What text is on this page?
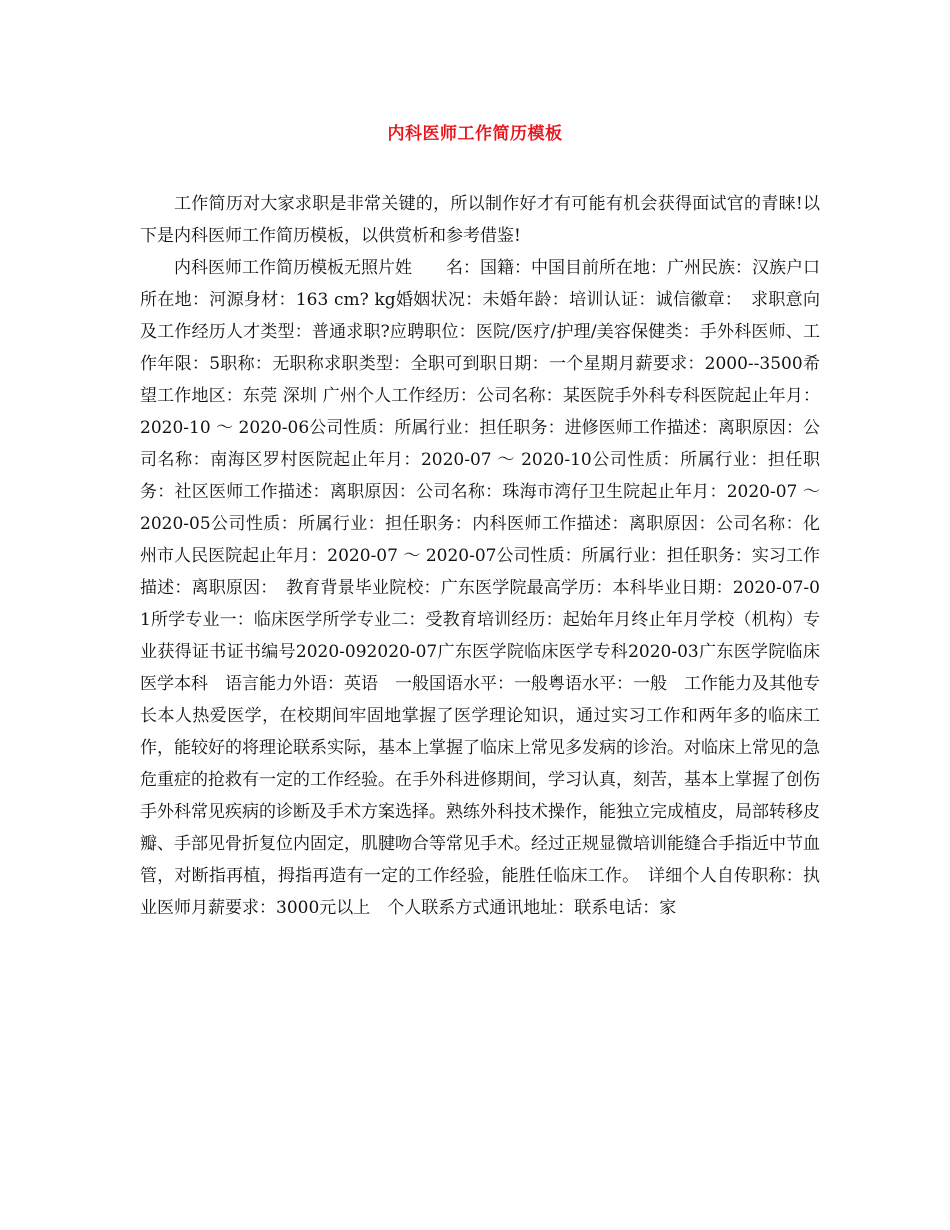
内科医师工作简历模板

工作简历对大家求职是非常关键的，所以制作好才有可能有机会获得面试官的青睐!以下是内科医师工作简历模板，以供赏析和参考借鉴!

内科医师工作简历模板无照片姓　　名：国籍：中国目前所在地：广州民族：汉族户口所在地：河源身材：163 cm? kg婚姻状况：未婚年龄：培训认证：诚信徽章：　求职意向及工作经历人才类型：普通求职?应聘职位：医院/医疗/护理/美容保健类：手外科医师、工作年限：5职称：无职称求职类型：全职可到职日期：一个星期月薪要求：2000--3500希望工作地区：东莞 深圳 广州个人工作经历：公司名称：某医院手外科专科医院起止年月：2020-10 ～ 2020-06公司性质：所属行业：担任职务：进修医师工作描述：离职原因：公司名称：南海区罗村医院起止年月：2020-07 ～ 2020-10公司性质：所属行业：担任职务：社区医师工作描述：离职原因：公司名称：珠海市湾仔卫生院起止年月：2020-07 ～ 2020-05公司性质：所属行业：担任职务：内科医师工作描述：离职原因：公司名称：化州市人民医院起止年月：2020-07 ～ 2020-07公司性质：所属行业：担任职务：实习工作描述：离职原因：　教育背景毕业院校：广东医学院最高学历：本科毕业日期：2020-07-01所学专业一：临床医学所学专业二：受教育培训经历：起始年月终止年月学校（机构）专　业获得证书证书编号2020-092020-07广东医学院临床医学专科2020-03广东医学院临床医学本科　语言能力外语：英语　一般国语水平：一般粤语水平：一般　工作能力及其他专长本人热爱医学，在校期间牢固地掌握了医学理论知识，通过实习工作和两年多的临床工作，能较好的将理论联系实际，基本上掌握了临床上常见多发病的诊治。对临床上常见的急危重症的抢救有一定的工作经验。在手外科进修期间，学习认真，刻苦，基本上掌握了创伤手外科常见疾病的诊断及手术方案选择。熟练外科技术操作，能独立完成植皮，局部转移皮瓣、手部见骨折复位内固定，肌腱吻合等常见手术。经过正规显微培训能缝合手指近中节血管，对断指再植，拇指再造有一定的工作经验，能胜任临床工作。　详细个人自传职称：执业医师月薪要求：3000元以上　个人联系方式通讯地址：联系电话：家
